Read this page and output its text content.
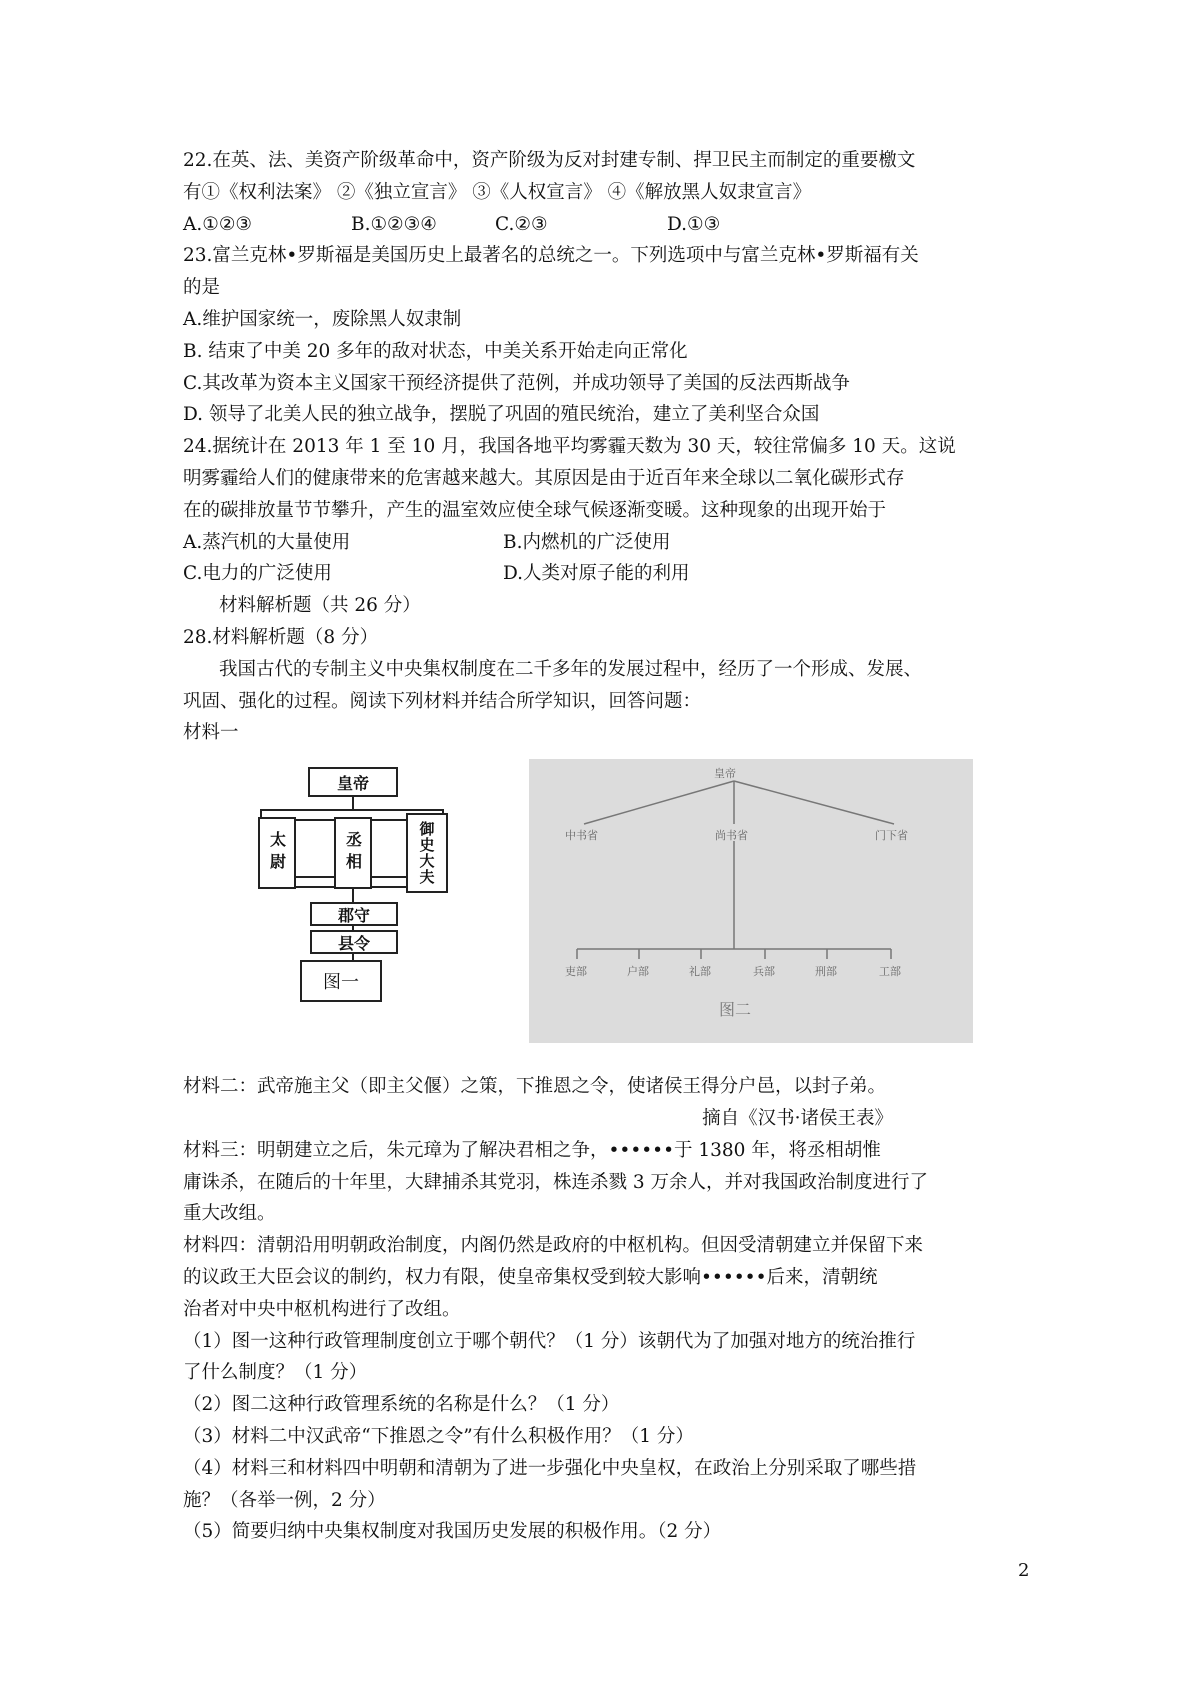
22.在英、法、美资产阶级革命中，资产阶级为反对封建专制、捍卫民主而制定的重要檄文
有①《权利法案》 ②《独立宣言》 ③《人权宣言》 ④《解放黑人奴隶宣言》
A.①②③	B.①②③④	C.②③	D.①③
23.富兰克林•罗斯福是美国历史上最著名的总统之一。下列选项中与富兰克林•罗斯福有关
的是
A.维护国家统一，废除黑人奴隶制
B. 结束了中美 20 多年的敌对状态，中美关系开始走向正常化
C.其改革为资本主义国家干预经济提供了范例，并成功领导了美国的反法西斯战争
D. 领导了北美人民的独立战争，摆脱了巩固的殖民统治，建立了美利坚合众国
24.据统计在 2013 年 1 至 10 月，我国各地平均雾霾天数为 30 天，较往常偏多 10 天。这说
明雾霾给人们的健康带来的危害越来越大。其原因是由于近百年来全球以二氧化碳形式存
在的碳排放量节节攀升，产生的温室效应使全球气候逐渐变暖。这种现象的出现开始于
A.蒸汽机的大量使用	B.内燃机的广泛使用
C.电力的广泛使用	D.人类对原子能的利用
材料解析题（共 26 分）
28.材料解析题（8 分）
我国古代的专制主义中央集权制度在二千多年的发展过程中，经历了一个形成、发展、
巩固、强化的过程。阅读下列材料并结合所学知识，回答问题：
材料一
皇帝
太尉	丞相	御史大夫
郡守
县令
图一
皇帝
中书省	尚书省	门下省
吏部	户部	礼部	兵部	刑部	工部
图二
材料二：武帝施主父（即主父偃）之策，下推恩之令，使诸侯王得分户邑，以封子弟。
摘自《汉书·诸侯王表》
材料三：明朝建立之后，朱元璋为了解决君相之争，••••••于 1380 年，将丞相胡惟
庸诛杀，在随后的十年里，大肆捕杀其党羽，株连杀戮 3 万余人，并对我国政治制度进行了
重大改组。
材料四：清朝沿用明朝政治制度，内阁仍然是政府的中枢机构。但因受清朝建立并保留下来
的议政王大臣会议的制约，权力有限，使皇帝集权受到较大影响••••••后来，清朝统
治者对中央中枢机构进行了改组。
（1）图一这种行政管理制度创立于哪个朝代？（1 分）该朝代为了加强对地方的统治推行
了什么制度？（1 分）
（2）图二这种行政管理系统的名称是什么？（1 分）
（3）材料二中汉武帝“下推恩之令”有什么积极作用？（1 分）
（4）材料三和材料四中明朝和清朝为了进一步强化中央皇权，在政治上分别采取了哪些措
施？（各举一例，2 分）
（5）简要归纳中央集权制度对我国历史发展的积极作用。（2 分）
2
